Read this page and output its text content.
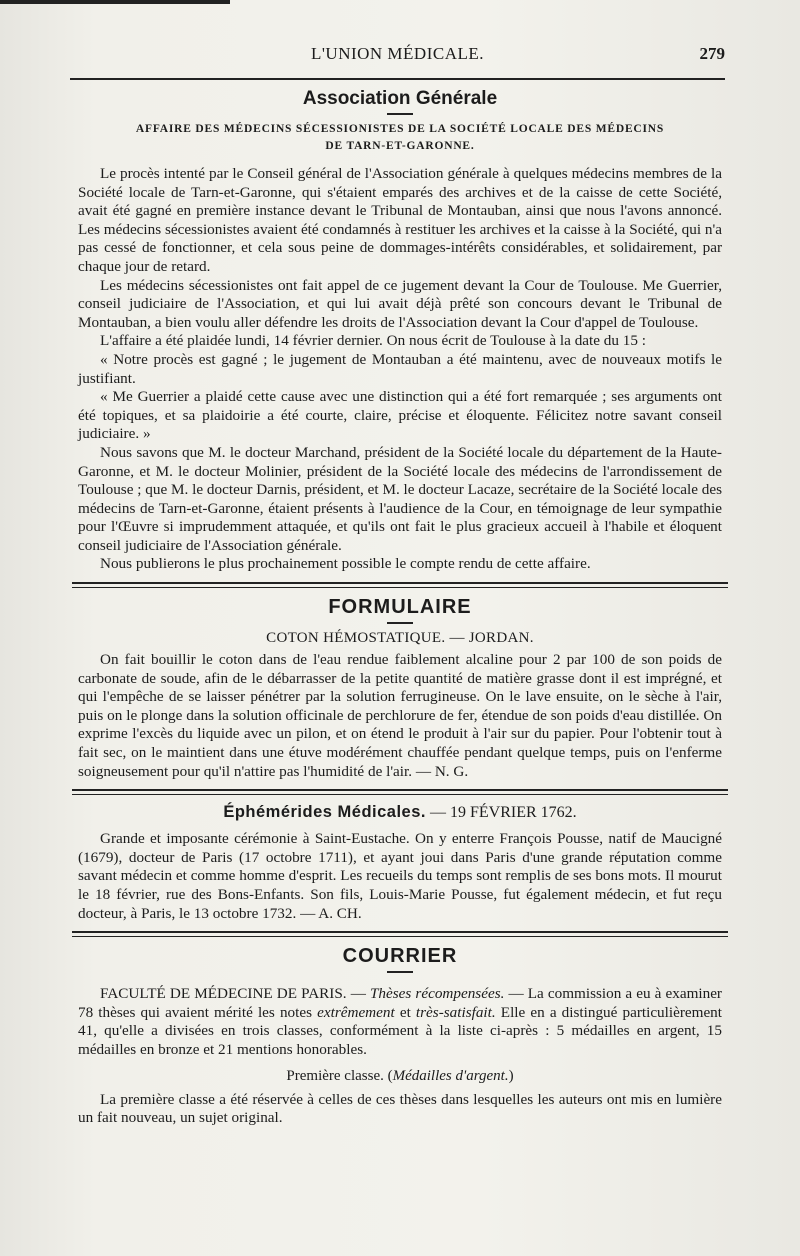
L'UNION MÉDICALE.	279
Association Générale
AFFAIRE DES MÉDECINS SÉCESSIONISTES DE LA SOCIÉTÉ LOCALE DES MÉDECINS
DE TARN-ET-GARONNE.

Le procès intenté par le Conseil général de l'Association générale à quelques médecins membres de la Société locale de Tarn-et-Garonne, qui s'étaient emparés des archives et de la caisse de cette Société, avait été gagné en première instance devant le Tribunal de Montauban, ainsi que nous l'avons annoncé. Les médecins sécessionistes avaient été condamnés à restituer les archives et la caisse à la Société, qui n'a pas cessé de fonctionner, et cela sous peine de dommages-intérêts considérables, et solidairement, par chaque jour de retard.

Les médecins sécessionistes ont fait appel de ce jugement devant la Cour de Toulouse. Me Guerrier, conseil judiciaire de l'Association, et qui lui avait déjà prêté son concours devant le Tribunal de Montauban, a bien voulu aller défendre les droits de l'Association devant la Cour d'appel de Toulouse.

L'affaire a été plaidée lundi, 14 février dernier. On nous écrit de Toulouse à la date du 15 :

« Notre procès est gagné ; le jugement de Montauban a été maintenu, avec de nouveaux motifs le justifiant.

« Me Guerrier a plaidé cette cause avec une distinction qui a été fort remarquée ; ses arguments ont été topiques, et sa plaidoirie a été courte, claire, précise et éloquente. Félicitez notre savant conseil judiciaire. »

Nous savons que M. le docteur Marchand, président de la Société locale du département de la Haute-Garonne, et M. le docteur Molinier, président de la Société locale des médecins de l'arrondissement de Toulouse ; que M. le docteur Darnis, président, et M. le docteur Lacaze, secrétaire de la Société locale des médecins de Tarn-et-Garonne, étaient présents à l'audience de la Cour, en témoignage de leur sympathie pour l'Œuvre si imprudemment attaquée, et qu'ils ont fait le plus gracieux accueil à l'habile et éloquent conseil judiciaire de l'Association générale.

Nous publierons le plus prochainement possible le compte rendu de cette affaire.

FORMULAIRE
COTON HÉMOSTATIQUE. — JORDAN.

On fait bouillir le coton dans de l'eau rendue faiblement alcaline pour 2 par 100 de son poids de carbonate de soude, afin de le débarrasser de la petite quantité de matière grasse dont il est imprégné, et qui l'empêche de se laisser pénétrer par la solution ferrugineuse. On le lave ensuite, on le sèche à l'air, puis on le plonge dans la solution officinale de perchlorure de fer, étendue de son poids d'eau distillée. On exprime l'excès du liquide avec un pilon, et on étend le produit à l'air sur du papier. Pour l'obtenir tout à fait sec, on le maintient dans une étuve modérément chauffée pendant quelque temps, puis on l'enferme soigneusement pour qu'il n'attire pas l'humidité de l'air. — N. G.

Éphémérides Médicales. — 19 FÉVRIER 1762.

Grande et imposante cérémonie à Saint-Eustache. On y enterre François Pousse, natif de Maucigné (1679), docteur de Paris (17 octobre 1711), et ayant joui dans Paris d'une grande réputation comme savant médecin et comme homme d'esprit. Les recueils du temps sont remplis de ses bons mots. Il mourut le 18 février, rue des Bons-Enfants. Son fils, Louis-Marie Pousse, fut également médecin, et fut reçu docteur, à Paris, le 13 octobre 1732. — A. CH.

COURRIER

FACULTÉ DE MÉDECINE DE PARIS. — Thèses récompensées. — La commission a eu à examiner 78 thèses qui avaient mérité les notes extrêmement et très-satisfait. Elle en a distingué particulièrement 41, qu'elle a divisées en trois classes, conformément à la liste ci-après : 5 médailles en argent, 15 médailles en bronze et 21 mentions honorables.

Première classe. (Médailles d'argent.)

La première classe a été réservée à celles de ces thèses dans lesquelles les auteurs ont mis en lumière un fait nouveau, un sujet original.
